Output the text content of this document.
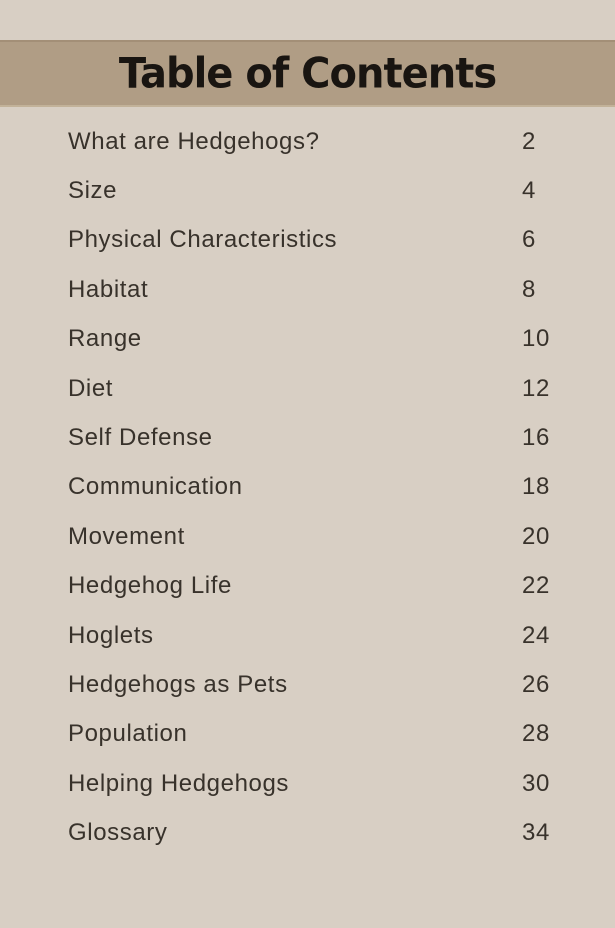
Table of Contents
What are Hedgehogs?	2
Size	4
Physical Characteristics	6
Habitat	8
Range	10
Diet	12
Self Defense	16
Communication	18
Movement	20
Hedgehog Life	22
Hoglets	24
Hedgehogs as Pets	26
Population	28
Helping Hedgehogs	30
Glossary	34
